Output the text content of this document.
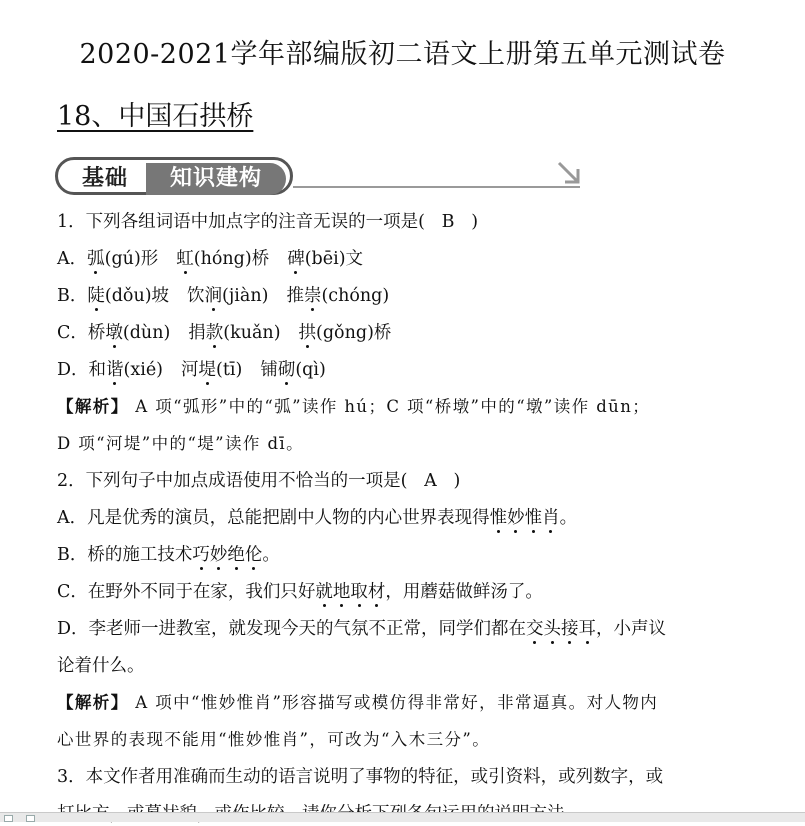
2020-2021学年部编版初二语文上册第五单元测试卷
18、中国石拱桥
基础	知识建构
1．下列各组词语中加点字的注音无误的一项是( B )
A．弧(gú)形 虹(hóng)桥 碑(bēi)文
B．陡(dǒu)坡 饮涧(jiàn) 推崇(chóng)
C．桥墩(dùn) 捐款(kuǎn) 拱(gǒng)桥
D．和谐(xié) 河堤(tī) 铺砌(qì)
【解析】 A 项“弧形”中的“弧”读作 hú；C 项“桥墩”中的“墩”读作 dūn；
D 项“河堤”中的“堤”读作 dī。
2．下列句子中加点成语使用不恰当的一项是( A )
A．凡是优秀的演员，总能把剧中人物的内心世界表现得惟妙惟肖。
B．桥的施工技术巧妙绝伦。
C．在野外不同于在家，我们只好就地取材，用蘑菇做鲜汤了。
D．李老师一进教室，就发现今天的气氛不正常，同学们都在交头接耳，小声议
论着什么。
【解析】 A 项中“惟妙惟肖”形容描写或模仿得非常好，非常逼真。对人物内
心世界的表现不能用“惟妙惟肖”，可改为“入木三分”。
3．本文作者用准确而生动的语言说明了事物的特征，或引资料，或列数字，或
